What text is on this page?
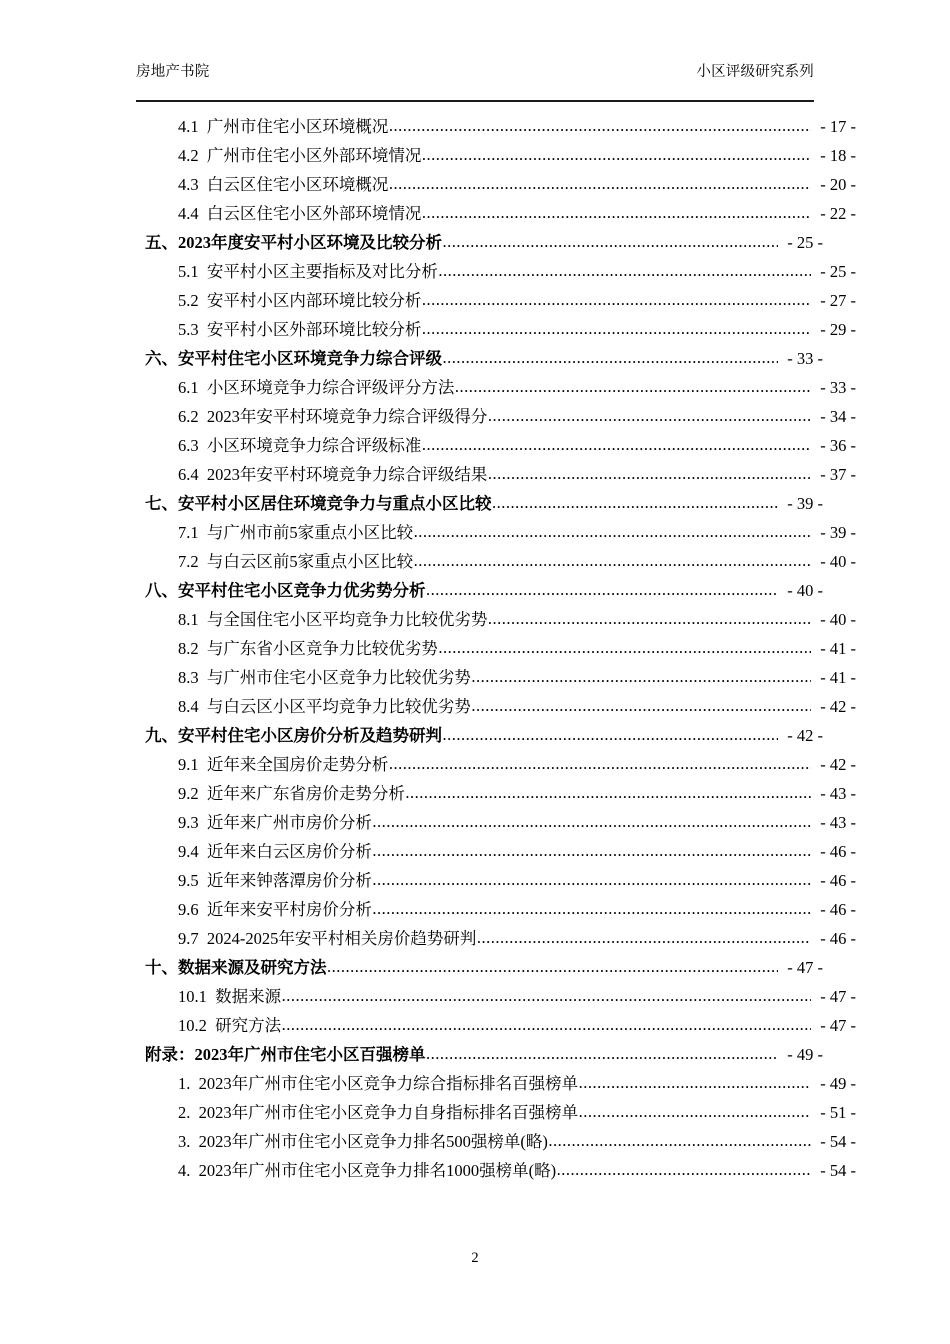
房地产书院	小区评级研究系列
4.1 广州市住宅小区环境概况 .....	- 17 -
4.2 广州市住宅小区外部环境情况 .....	- 18 -
4.3 白云区住宅小区环境概况 .....	- 20 -
4.4 白云区住宅小区外部环境情况 .....	- 22 -
五、 2023年度安平村小区环境及比较分析 .....	- 25 -
5.1 安平村小区主要指标及对比分析 .....	- 25 -
5.2 安平村小区内部环境比较分析 .....	- 27 -
5.3 安平村小区外部环境比较分析 .....	- 29 -
六、 安平村住宅小区环境竞争力综合评级 .....	- 33 -
6.1 小区环境竞争力综合评级评分方法 .....	- 33 -
6.2 2023年安平村环境竞争力综合评级得分 .....	- 34 -
6.3 小区环境竞争力综合评级标准 .....	- 36 -
6.4 2023年安平村环境竞争力综合评级结果 .....	- 37 -
七、 安平村小区居住环境竞争力与重点小区比较 .....	- 39 -
7.1 与广州市前5家重点小区比较 .....	- 39 -
7.2 与白云区前5家重点小区比较 .....	- 40 -
八、 安平村住宅小区竞争力优劣势分析 .....	- 40 -
8.1 与全国住宅小区平均竞争力比较优劣势 .....	- 40 -
8.2 与广东省小区竞争力比较优劣势 .....	- 41 -
8.3 与广州市住宅小区竞争力比较优劣势 .....	- 41 -
8.4 与白云区小区平均竞争力比较优劣势 .....	- 42 -
九、 安平村住宅小区房价分析及趋势研判 .....	- 42 -
9.1 近年来全国房价走势分析 .....	- 42 -
9.2 近年来广东省房价走势分析 .....	- 43 -
9.3 近年来广州市房价分析 .....	- 43 -
9.4 近年来白云区房价分析 .....	- 46 -
9.5 近年来钟落潭房价分析 .....	- 46 -
9.6 近年来安平村房价分析 .....	- 46 -
9.7 2024-2025年安平村相关房价趋势研判 .....	- 46 -
十、 数据来源及研究方法 .....	- 47 -
10.1 数据来源 .....	- 47 -
10.2 研究方法 .....	- 47 -
附录： 2023年广州市住宅小区百强榜单 .....	- 49 -
1. 2023年广州市住宅小区竞争力综合指标排名百强榜单 .....	- 49 -
2. 2023年广州市住宅小区竞争力自身指标排名百强榜单 .....	- 51 -
3. 2023年广州市住宅小区竞争力排名500强榜单(略) .....	- 54 -
4. 2023年广州市住宅小区竞争力排名1000强榜单(略) .....	- 54 -
2
